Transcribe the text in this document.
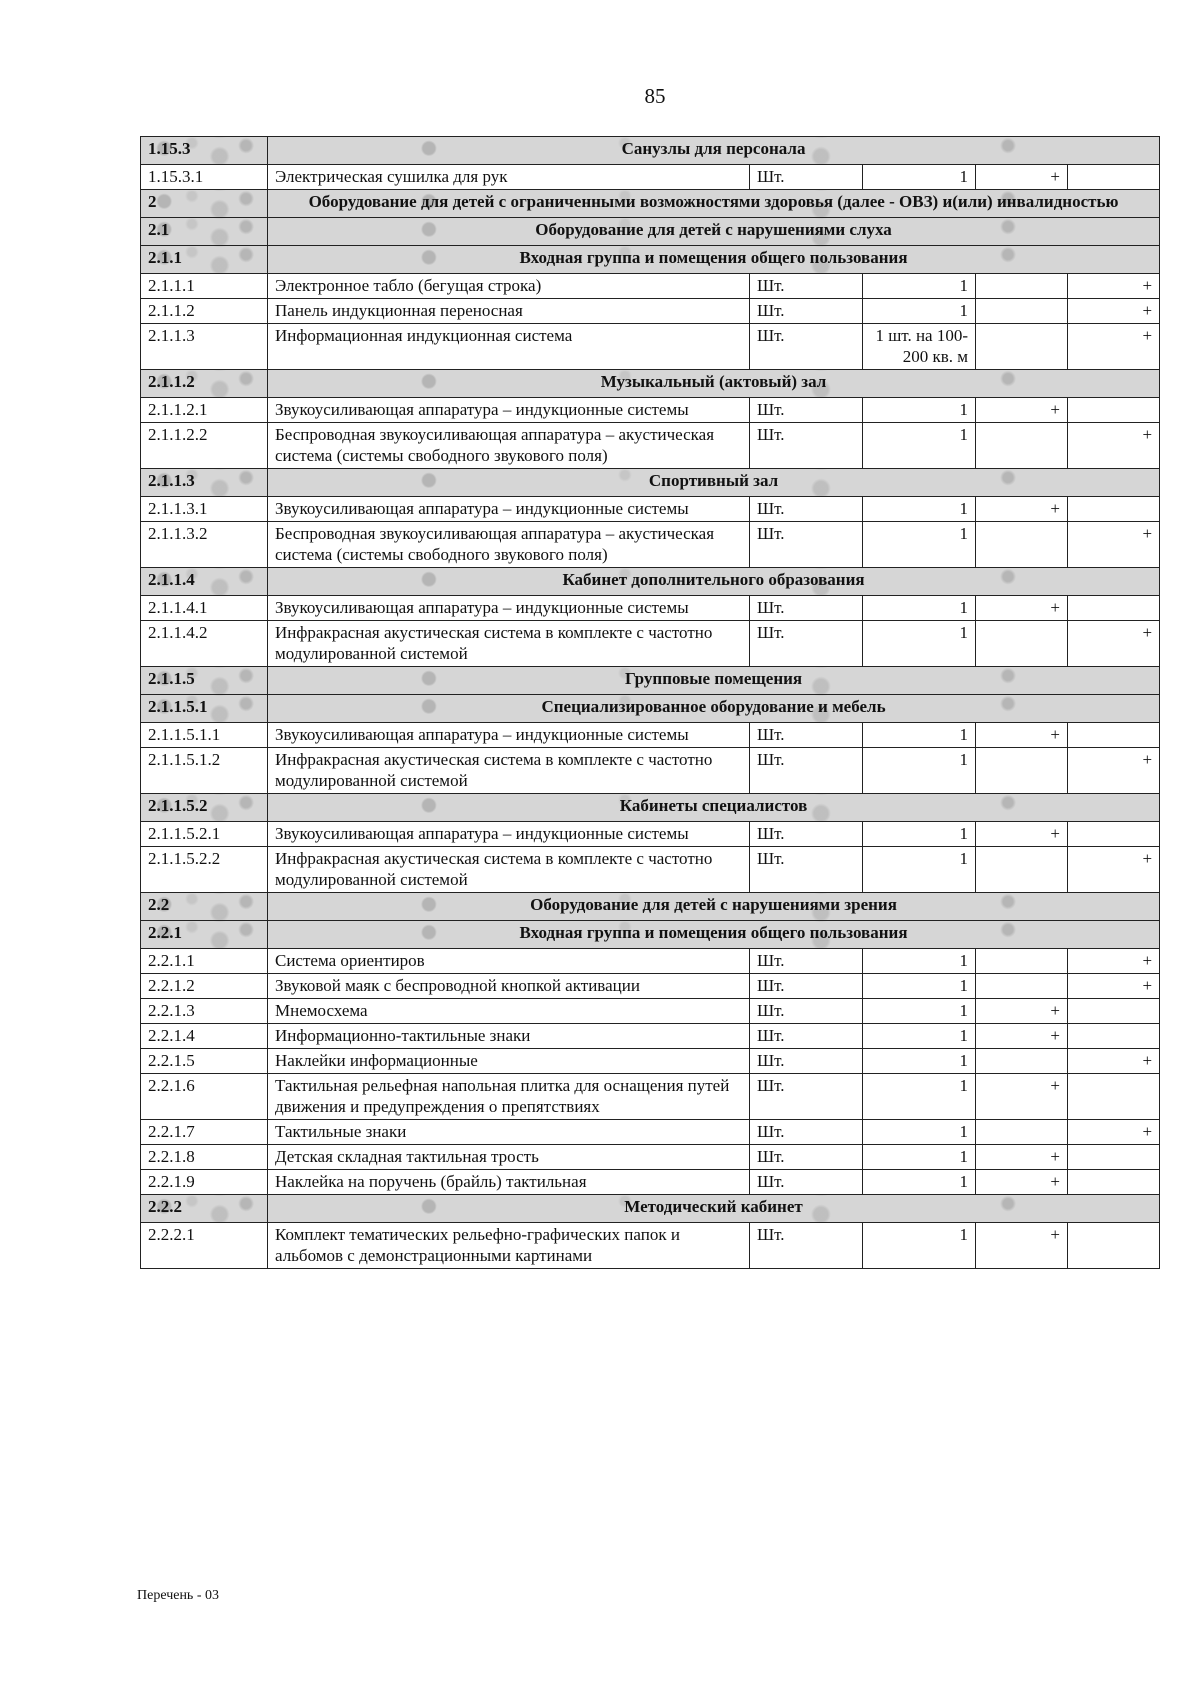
85
1.15.3	Санузлы для персонала				
1.15.3.1	Электрическая сушилка для рук	Шт.	1	+	
2	Оборудование для детей с ограниченными возможностями здоровья (далее - ОВЗ) и(или) инвалидностью				
2.1	Оборудование для детей с нарушениями слуха				
2.1.1	Входная группа и помещения общего пользования				
2.1.1.1	Электронное табло (бегущая строка)	Шт.	1		+
2.1.1.2	Панель индукционная переносная	Шт.	1		+
2.1.1.3	Информационная индукционная система	Шт.	1 шт. на 100-200 кв. м		+
2.1.1.2	Музыкальный (актовый) зал				
2.1.1.2.1	Звукоусиливающая аппаратура – индукционные системы	Шт.	1	+	
2.1.1.2.2	Беспроводная звукоусиливающая аппаратура – акустическая система (системы свободного звукового поля)	Шт.	1		+
2.1.1.3	Спортивный зал				
2.1.1.3.1	Звукоусиливающая аппаратура – индукционные системы	Шт.	1	+	
2.1.1.3.2	Беспроводная звукоусиливающая аппаратура – акустическая система (системы свободного звукового поля)	Шт.	1		+
2.1.1.4	Кабинет дополнительного образования				
2.1.1.4.1	Звукоусиливающая аппаратура – индукционные системы	Шт.	1	+	
2.1.1.4.2	Инфракрасная акустическая система в комплекте с частотно модулированной системой	Шт.	1		+
2.1.1.5	Групповые помещения				
2.1.1.5.1	Специализированное оборудование и мебель				
2.1.1.5.1.1	Звукоусиливающая аппаратура – индукционные системы	Шт.	1	+	
2.1.1.5.1.2	Инфракрасная акустическая система в комплекте с частотно модулированной системой	Шт.	1		+
2.1.1.5.2	Кабинеты специалистов				
2.1.1.5.2.1	Звукоусиливающая аппаратура – индукционные системы	Шт.	1	+	
2.1.1.5.2.2	Инфракрасная акустическая система в комплекте с частотно модулированной системой	Шт.	1		+
2.2	Оборудование для детей с нарушениями зрения				
2.2.1	Входная группа и помещения общего пользования				
2.2.1.1	Система ориентиров	Шт.	1		+
2.2.1.2	Звуковой маяк с беспроводной кнопкой активации	Шт.	1		+
2.2.1.3	Мнемосхема	Шт.	1	+	
2.2.1.4	Информационно-тактильные знаки	Шт.	1	+	
2.2.1.5	Наклейки информационные	Шт.	1		+
2.2.1.6	Тактильная рельефная напольная плитка для оснащения путей движения и предупреждения о препятствиях	Шт.	1	+	
2.2.1.7	Тактильные знаки	Шт.	1		+
2.2.1.8	Детская складная тактильная трость	Шт.	1	+	
2.2.1.9	Наклейка на поручень (брайль) тактильная	Шт.	1	+	
2.2.2	Методический кабинет				
2.2.2.1	Комплект тематических рельефно-графических папок и альбомов с демонстрационными картинами	Шт.	1	+	
Перечень - 03
